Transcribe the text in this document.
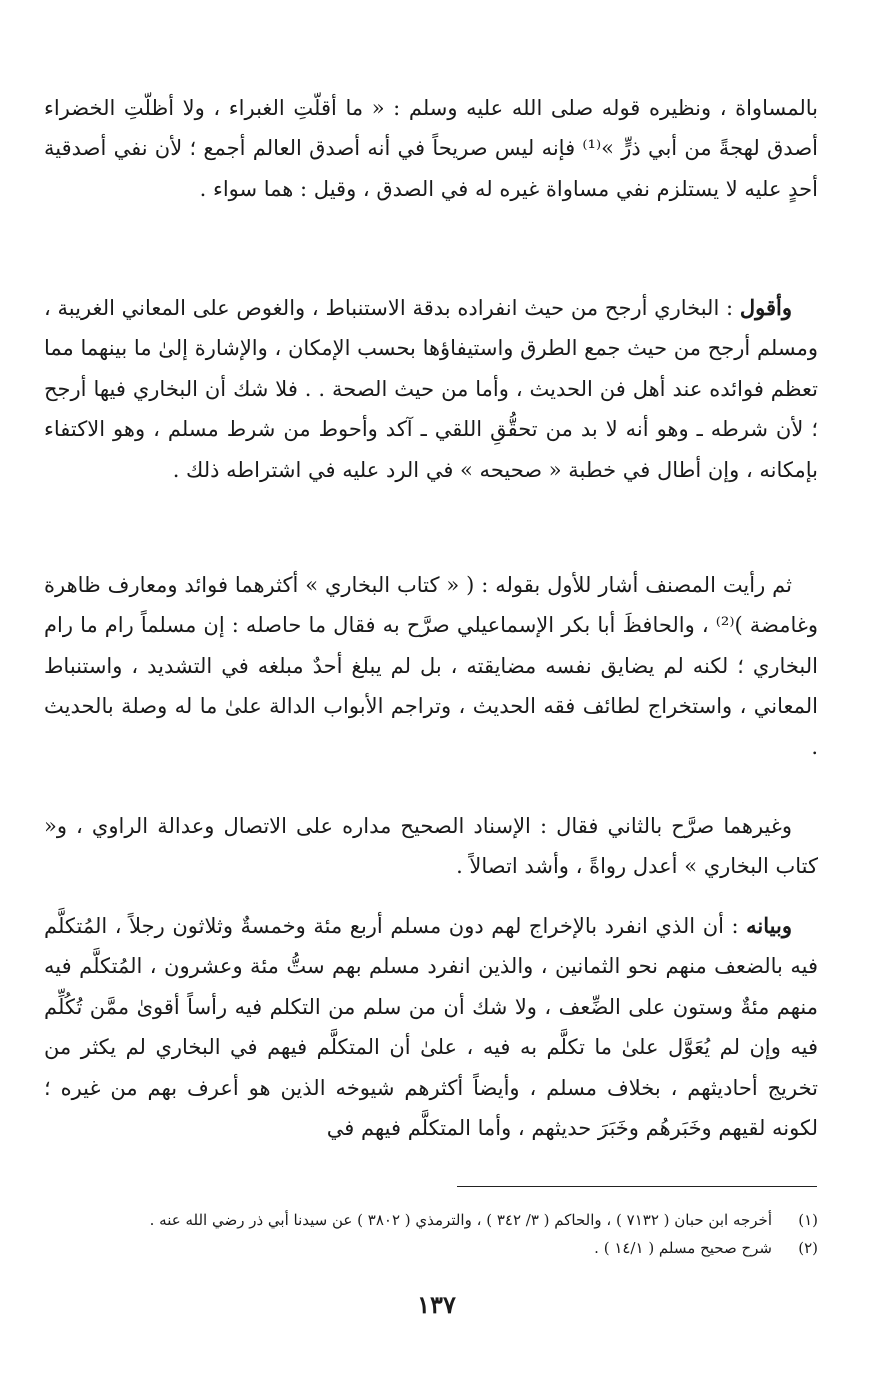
بالمساواة ، ونظيره قوله صلى الله عليه وسلم : « ما أقلّتِ الغبراء ، ولا أظلّتِ الخضراء أصدق لهجةً من أبي ذرٍّ »⁽¹⁾ فإنه ليس صريحاً في أنه أصدق العالم أجمع ؛ لأن نفي أصدقية أحدٍ عليه لا يستلزم نفي مساواة غيره له في الصدق ، وقيل : هما سواء .

وأقول : البخاري أرجح من حيث انفراده بدقة الاستنباط ، والغوص على المعاني الغريبة ، ومسلم أرجح من حيث جمع الطرق واستيفاؤها بحسب الإمكان ، والإشارة إلىٰ ما بينهما مما تعظم فوائده عند أهل فن الحديث ، وأما من حيث الصحة . . فلا شك أن البخاري فيها أرجح ؛ لأن شرطه ـ وهو أنه لا بد من تحقُّقِ اللقي ـ آكد وأحوط من شرط مسلم ، وهو الاكتفاء بإمكانه ، وإن أطال في خطبة « صحيحه » في الرد عليه في اشتراطه ذلك .

ثم رأيت المصنف أشار للأول بقوله : ( « كتاب البخاري » أكثرهما فوائد ومعارف ظاهرة وغامضة )⁽²⁾ ، والحافظَ أبا بكر الإسماعيلي صرَّح به فقال ما حاصله : إن مسلماً رام ما رام البخاري ؛ لكنه لم يضايق نفسه مضايقته ، بل لم يبلغ أحدٌ مبلغه في التشديد ، واستنباط المعاني ، واستخراج لطائف فقه الحديث ، وتراجم الأبواب الدالة علىٰ ما له وصلة بالحديث .

وغيرهما صرَّح بالثاني فقال : الإسناد الصحيح مداره على الاتصال وعدالة الراوي ، و« كتاب البخاري » أعدل رواةً ، وأشد اتصالاً .

وبيانه : أن الذي انفرد بالإخراج لهم دون مسلم أربع مئة وخمسةٌ وثلاثون رجلاً ، المُتكلَّم فيه بالضعف منهم نحو الثمانين ، والذين انفرد مسلم بهم ستُّ مئة وعشرون ، المُتكلَّم فيه منهم مئةٌ وستون على الضِّعف ، ولا شك أن من سلم من التكلم فيه رأساً أقوىٰ ممَّن تُكُلِّم فيه وإن لم يُعَوَّل علىٰ ما تكلَّم به فيه ، علىٰ أن المتكلَّم فيهم في البخاري لم يكثر من تخريج أحاديثهم ، بخلاف مسلم ، وأيضاً أكثرهم شيوخه الذين هو أعرف بهم من غيره ؛ لكونه لقيهم وخَبَرهُم وخَبَرَ حديثهم ، وأما المتكلَّم فيهم في

(١)أخرجه ابن حبان ( ٧١٣٢ ) ، والحاكم ( ٣/ ٣٤٢ ) ، والترمذي ( ٣٨٠٢ ) عن سيدنا أبي ذر رضي الله عنه .

(٢)شرح صحيح مسلم ( ١٤/١ ) .

١٣٧
